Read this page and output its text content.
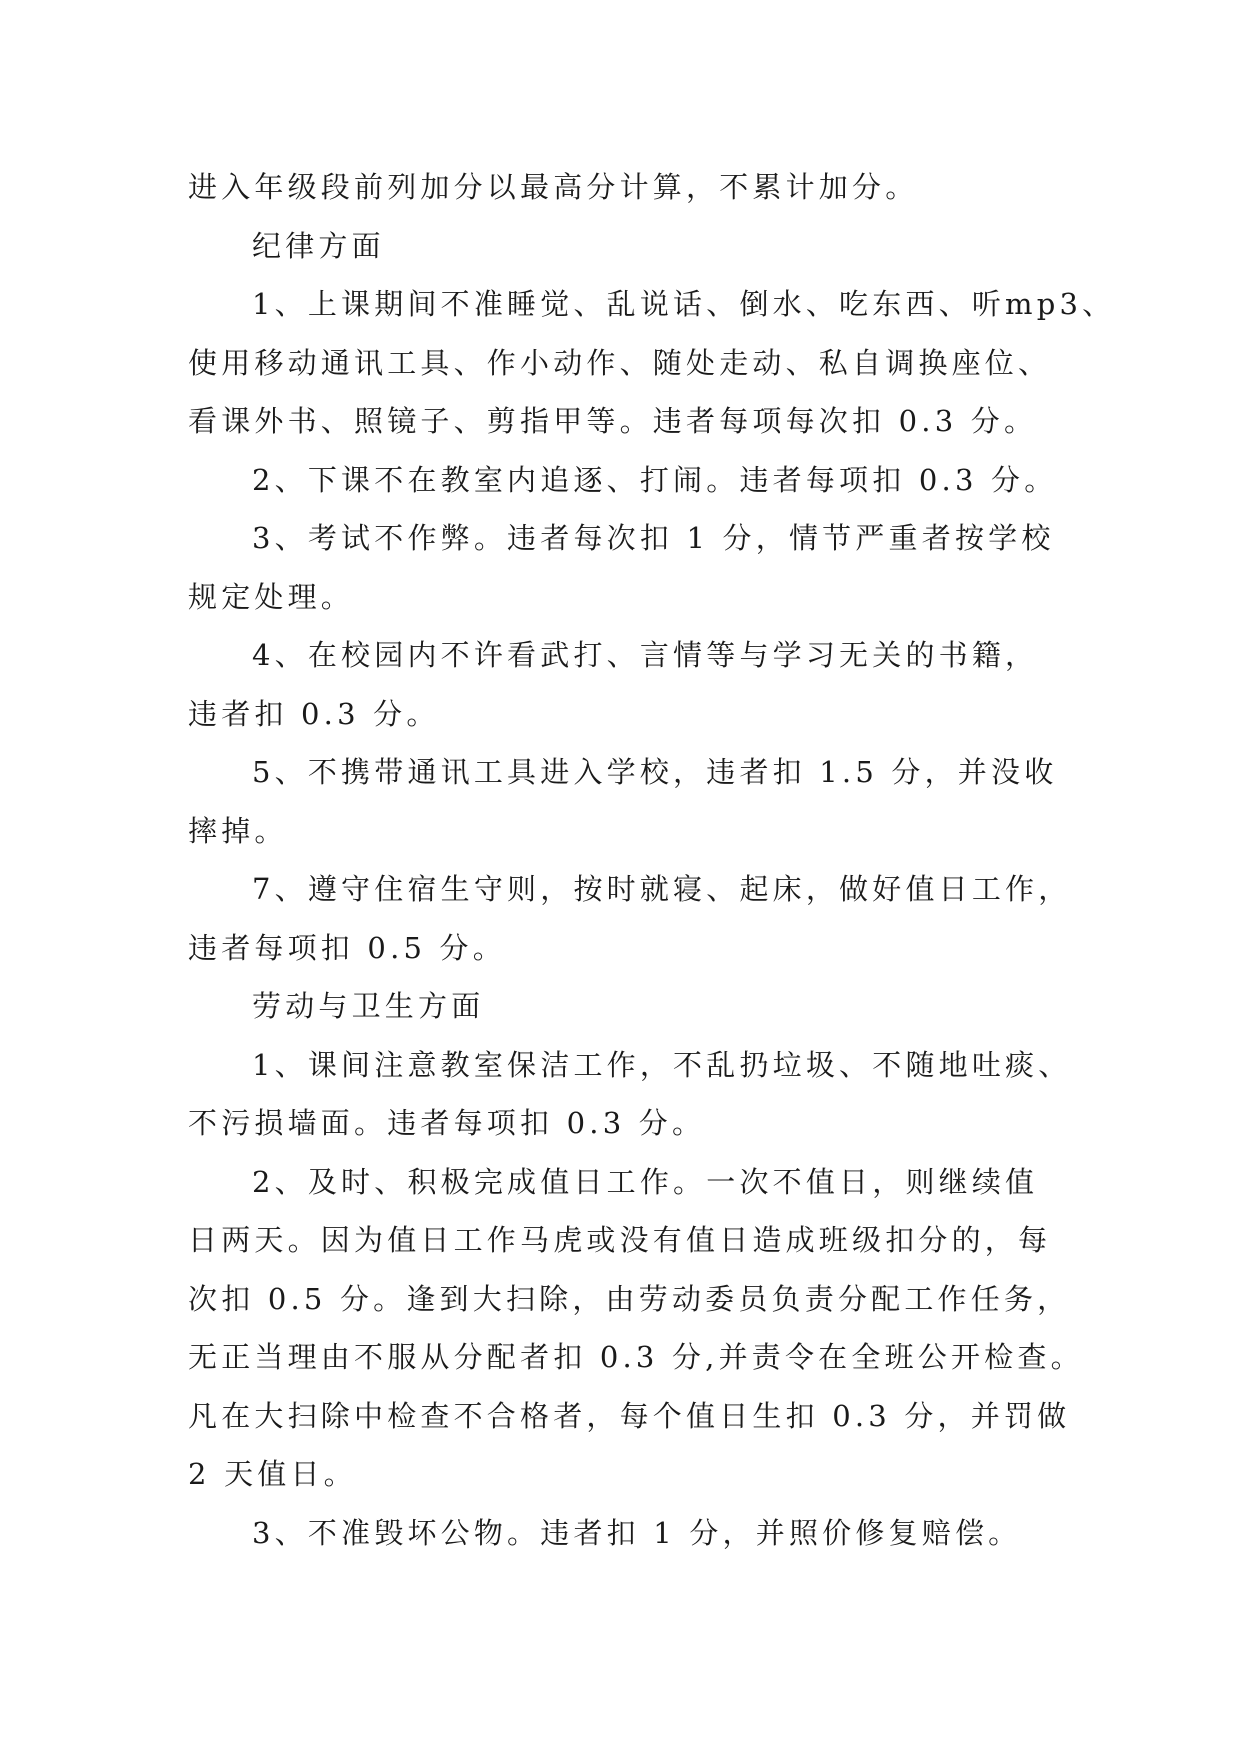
进入年级段前列加分以最高分计算，不累计加分。
纪律方面
1、上课期间不准睡觉、乱说话、倒水、吃东西、听mp3、
使用移动通讯工具、作小动作、随处走动、私自调换座位、
看课外书、照镜子、剪指甲等。违者每项每次扣 0.3 分。
2、下课不在教室内追逐、打闹。违者每项扣 0.3 分。
3、考试不作弊。违者每次扣 1 分，情节严重者按学校
规定处理。
4、在校园内不许看武打、言情等与学习无关的书籍，
违者扣 0.3 分。
5、不携带通讯工具进入学校，违者扣 1.5 分，并没收
摔掉。
7、遵守住宿生守则，按时就寝、起床，做好值日工作，
违者每项扣 0.5 分。
劳动与卫生方面
1、课间注意教室保洁工作，不乱扔垃圾、不随地吐痰、
不污损墙面。违者每项扣 0.3 分。
2、及时、积极完成值日工作。一次不值日，则继续值
日两天。因为值日工作马虎或没有值日造成班级扣分的，每
次扣 0.5 分。逢到大扫除，由劳动委员负责分配工作任务，
无正当理由不服从分配者扣 0.3 分,并责令在全班公开检查。
凡在大扫除中检查不合格者，每个值日生扣 0.3 分，并罚做
2 天值日。
3、不准毁坏公物。违者扣 1 分，并照价修复赔偿。
